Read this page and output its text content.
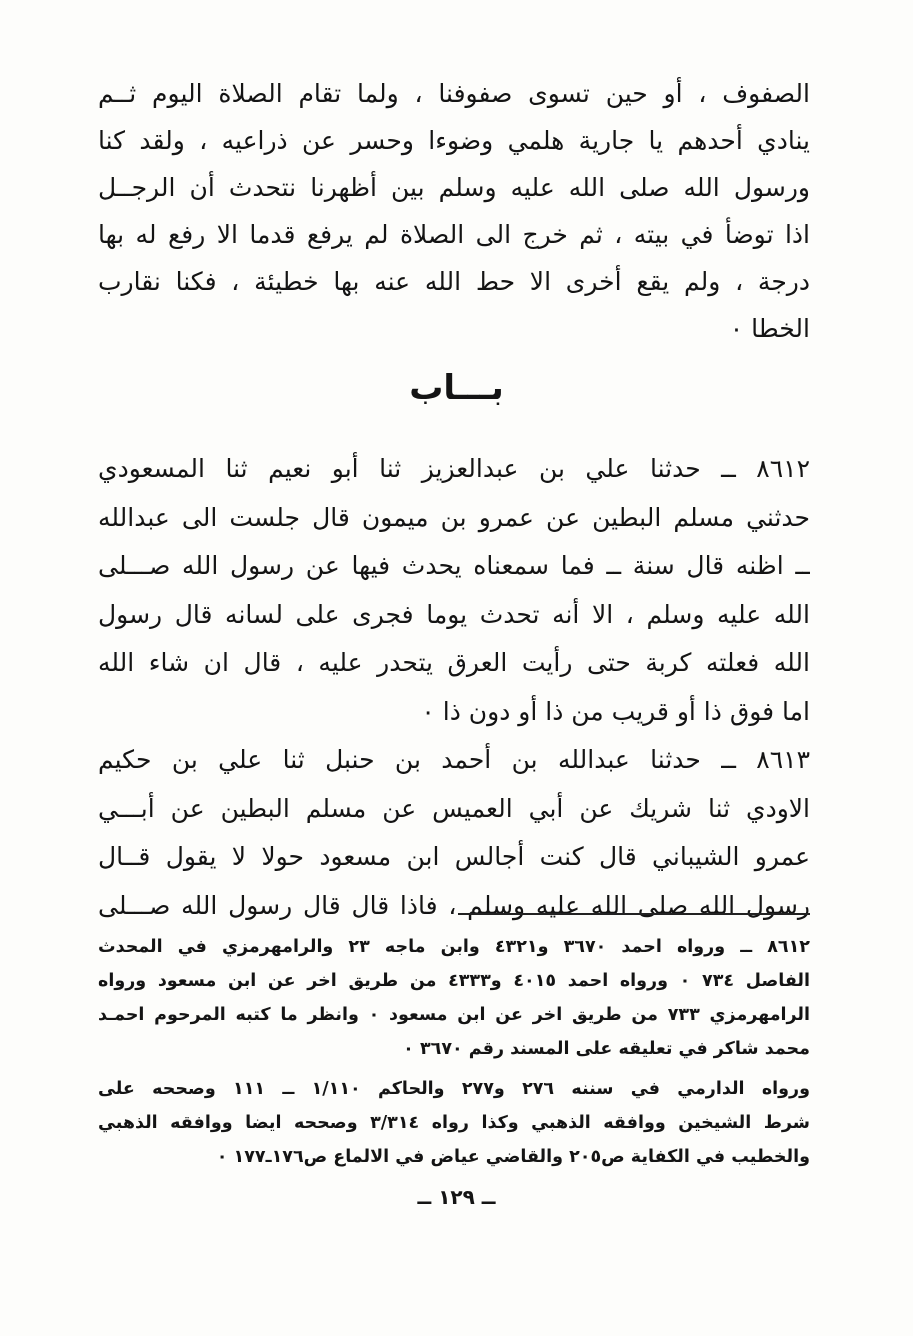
الصفوف ، أو حين تسوى صفوفنا ، ولما تقام الصلاة اليوم ثــم
ينادي أحدهم يا جارية هلمي وضوءا وحسر عن ذراعيه ، ولقد كنا
ورسول الله صلى الله عليه وسلم بين أظهرنا نتحدث أن الرجــل
اذا توضأ في بيته ، ثم خرج الى الصلاة لم يرفع قدما الا رفع له بها
درجة ، ولم يقع أخرى الا حط الله عنه بها خطيئة ، فكنا نقارب
الخطا ٠
بـــاب
٨٦١٢ ــ حدثنا علي بن عبدالعزيز ثنا أبو نعيم ثنا المسعودي
حدثني مسلم البطين عن عمرو بن ميمون قال جلست الى عبدالله
ــ اظنه قال سنة ــ فما سمعناه يحدث فيها عن رسول الله صـــلى
الله عليه وسلم ، الا أنه تحدث يوما فجرى على لسانه قال رسول
الله فعلته كربة حتى رأيت العرق يتحدر عليه ، قال ان شاء الله
اما فوق ذا أو قريب من ذا أو دون ذا ٠
٨٦١٣ ــ حدثنا عبدالله بن أحمد بن حنبل ثنا علي بن حكيم
الاودي ثنا شريك عن أبي العميس عن مسلم البطين عن أبـــي
عمرو الشيباني قال كنت أجالس ابن مسعود حولا لا يقول قــال
رسول الله صلى الله عليه وسلم ، فاذا قال قال رسول الله صـــلى
٨٦١٢ ــ ورواه احمد ٣٦٧٠ و٤٣٢١ وابن ماجه ٢٣ والرامهرمزي في المحدث
الفاصل ٧٣٤ ٠ ورواه احمد ٤٠١٥ و٤٣٣٣ من طريق اخر عن ابن مسعود ورواه
الرامهرمزي ٧٣٣ من طريق اخر عن ابن مسعود ٠ وانظر ما كتبه المرحوم احمـد
محمد شاكر في تعليقه على المسند رقم ٣٦٧٠ ٠
ورواه الدارمي في سننه ٢٧٦ و٢٧٧ والحاكم ١/١١٠ ــ ١١١ وصححه على
شرط الشيخين ووافقه الذهبي وكذا رواه ٣/٣١٤ وصححه ايضا ووافقه الذهبي
والخطيب في الكفاية ص٢٠٥ والقاضي عياض في الالماع ص١٧٦ـ١٧٧ ٠
ــ ١٢٩ ــ
